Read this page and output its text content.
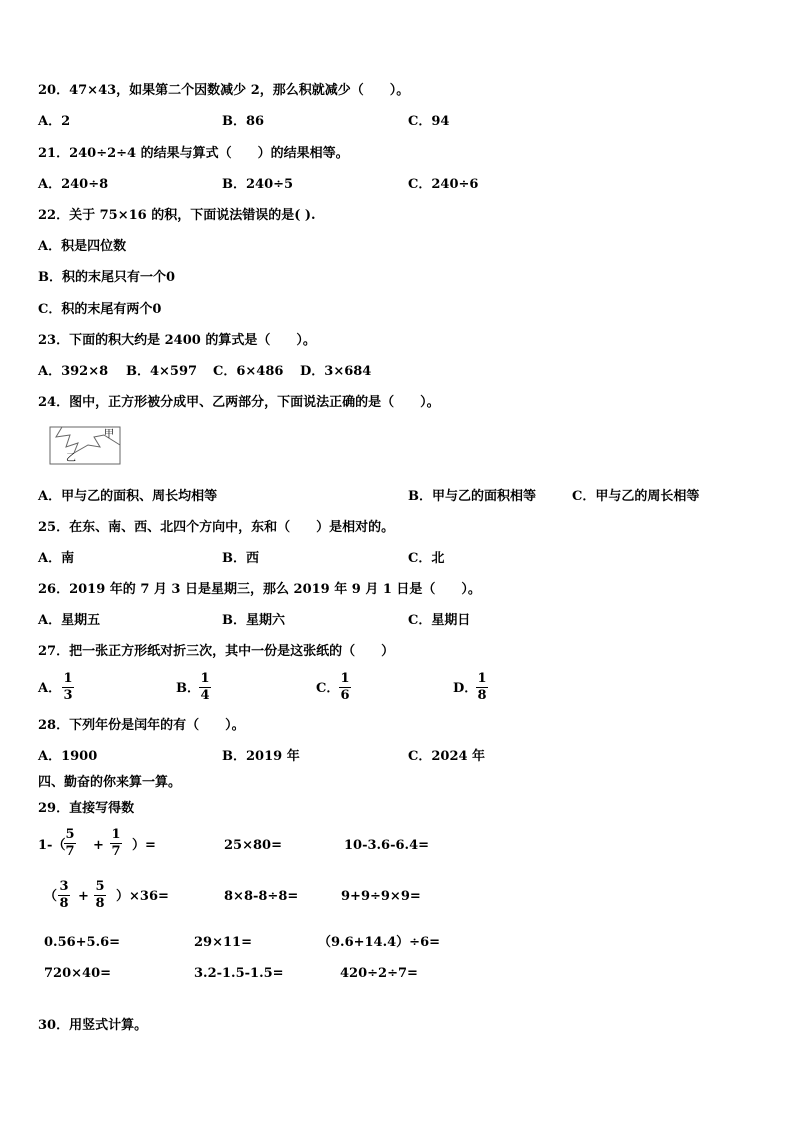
20．47×43，如果第二个因数减少 2，那么积就减少（　　）。
A．2	B．86	C．94
21．240÷2÷4 的结果与算式（　　）的结果相等。
A．240÷8	B．240÷5	C．240÷6
22．关于 75×16 的积，下面说法错误的是( ).
A．积是四位数
B．积的末尾只有一个0
C．积的末尾有两个0
23．下面的积大约是 2400 的算式是（　　）。
A．392×8 B．4×597 C．6×486 D．3×684
24．图中，正方形被分成甲、乙两部分，下面说法正确的是（　　）。
甲
乙
A．甲与乙的面积、周长均相等	B．甲与乙的面积相等	C．甲与乙的周长相等
25．在东、南、西、北四个方向中，东和（　　）是相对的。
A．南	B．西	C．北
26．2019 年的 7 月 3 日是星期三，那么 2019 年 9 月 1 日是（　　）。
A．星期五	B．星期六	C．星期日
27．把一张正方形纸对折三次，其中一份是这张纸的（　　）
A．
1
3	B．
1
4	C．
1
6	D．
1
8
28．下列年份是闰年的有（　　）。
A．1900	B．2019 年	C．2024 年
四、勤奋的你来算一算。
29．直接写得数
1-（
5
7 +
1
7 ）=	25×80=	10-3.6-6.4=
（
3
8 +
5
8 ）×36=	8×8-8÷8=	9+9÷9×9=
0.56+5.6=	29×11=	（9.6+14.4）÷6=
720×40=	3.2-1.5-1.5=	420÷2÷7=
30．用竖式计算。
